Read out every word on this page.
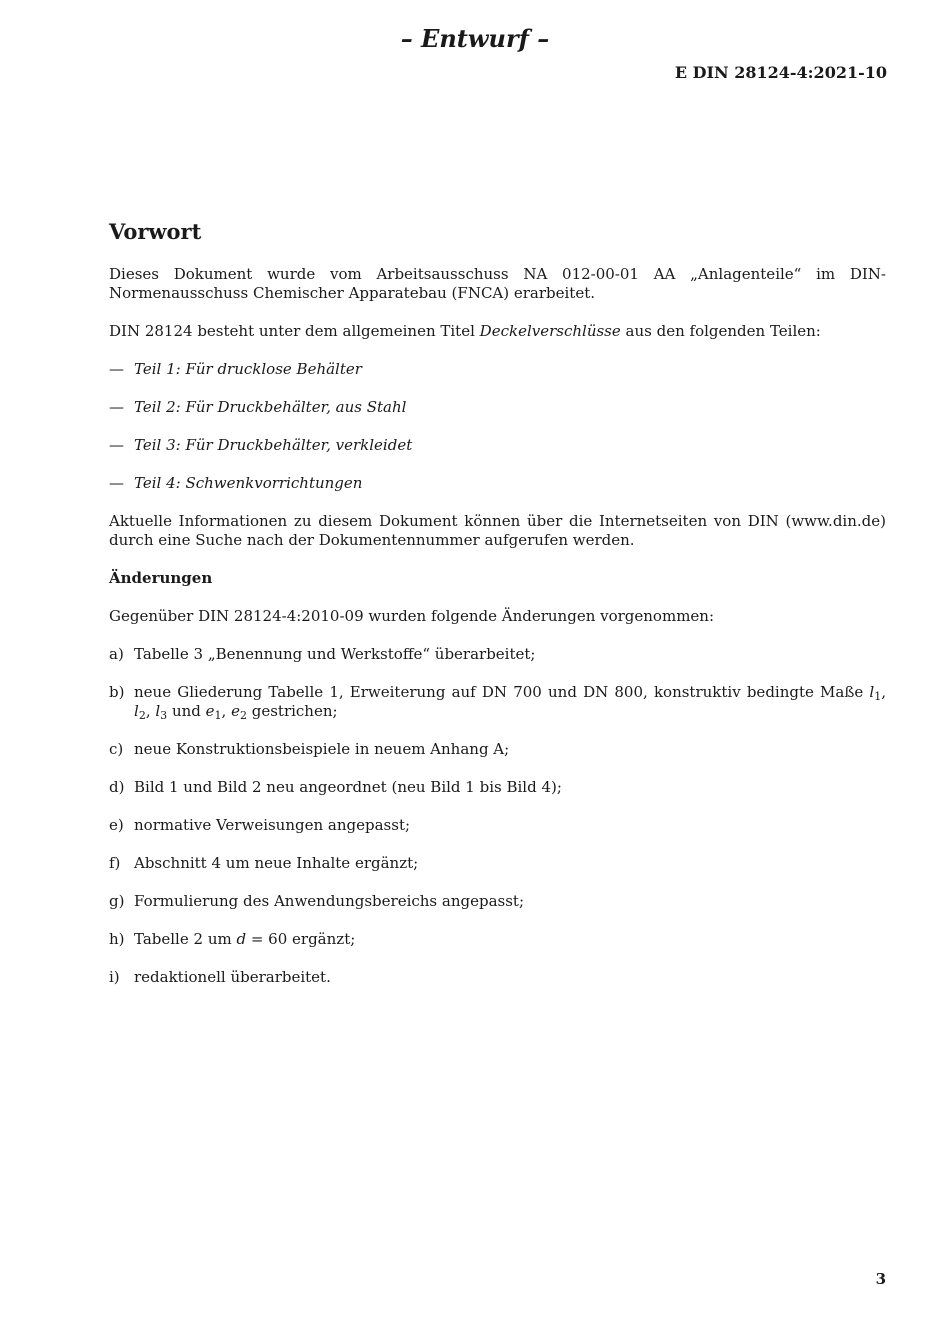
– Entwurf –
E DIN 28124-4:2021-10
Vorwort

Dieses Dokument wurde vom Arbeitsausschuss NA 012-00-01 AA „Anlagenteile“ im DIN-Normenausschuss Chemischer Apparatebau (FNCA) erarbeitet.

DIN 28124 besteht unter dem allgemeinen Titel Deckelverschlüsse aus den folgenden Teilen:

— Teil 1: Für drucklose Behälter
— Teil 2: Für Druckbehälter, aus Stahl
— Teil 3: Für Druckbehälter, verkleidet
— Teil 4: Schwenkvorrichtungen

Aktuelle Informationen zu diesem Dokument können über die Internetseiten von DIN (www.din.de) durch eine Suche nach der Dokumentennummer aufgerufen werden.

Änderungen

Gegenüber DIN 28124-4:2010-09 wurden folgende Änderungen vorgenommen:

a) Tabelle 3 „Benennung und Werkstoffe“ überarbeitet;
b) neue Gliederung Tabelle 1, Erweiterung auf DN 700 und DN 800, konstruktiv bedingte Maße $l_1$, $l_2$, $l_3$ und $e_1$, $e_2$ gestrichen;
c) neue Konstruktionsbeispiele in neuem Anhang A;
d) Bild 1 und Bild 2 neu angeordnet (neu Bild 1 bis Bild 4);
e) normative Verweisungen angepasst;
f) Abschnitt 4 um neue Inhalte ergänzt;
g) Formulierung des Anwendungsbereichs angepasst;
h) Tabelle 2 um d = 60 ergänzt;
i) redaktionell überarbeitet.
3
